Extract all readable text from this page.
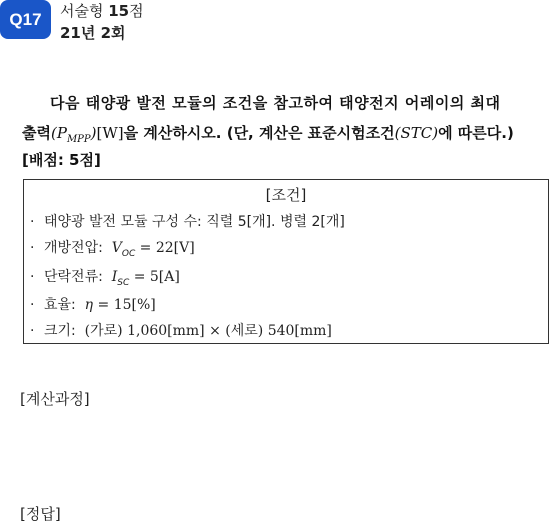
Q17	서술형 15점
21년 2회
다음 태양광 발전 모듈의 조건을 참고하여 태양전지 어레이의 최대
출력$(P_{MPP})[W]$을 계산하시오. (단, 계산은 표준시험조건(STC)에 따른다.)
[배점: 5점]
[조건]
· 태양광 발전 모듈 구성 수: 직렬 5[개]. 병렬 2[개]
· 개방전압: $V_{OC} = 22[V]$
· 단락전류: $I_{SC} = 5[A]$
· 효율: η = 15[%]
· 크기: (가로) 1,060[mm] × (세로) 540[mm]
[계산과정]
[정답]
